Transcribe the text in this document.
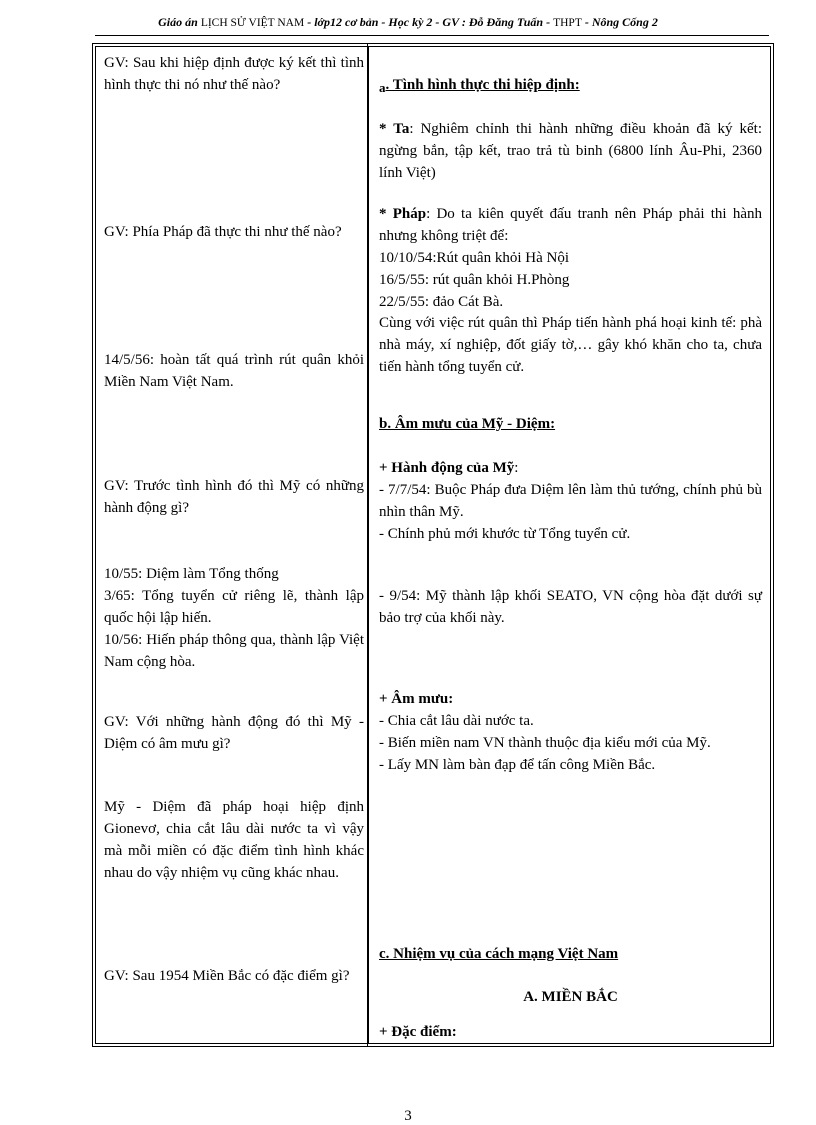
Giáo án LỊCH SỬ VIỆT NAM - lớp12 cơ bản - Học kỳ 2 - GV : Đỗ Đăng Tuấn - THPT - Nông Cống 2
GV: Sau khi hiệp định được ký kết thì tình hình thực thi nó như thế nào?
GV: Phía Pháp đã thực thi như thế nào?
14/5/56: hoàn tất quá trình rút quân khỏi Miền Nam Việt Nam.
GV: Trước tình hình đó thì Mỹ có những hành động gì?
10/55: Diệm làm Tổng thống
3/65: Tổng tuyển cử riêng lẽ, thành lập quốc hội lập hiến.
10/56: Hiến pháp thông qua, thành lập Việt Nam cộng hòa.
GV: Với những hành động đó thì Mỹ - Diệm có âm mưu gì?
Mỹ - Diệm đã pháp hoại hiệp định Gionevơ, chia cắt lâu dài nước ta vì vậy mà mỗi miền có đặc điểm tình hình khác nhau do vậy nhiệm vụ cũng khác nhau.
GV: Sau 1954 Miền Bắc có đặc điểm gì?
a. Tình hình thực thi hiệp định:
* Ta: Nghiêm chỉnh thi hành những điều khoản đã ký kết: ngừng bắn, tập kết, trao trả tù binh (6800 lính Âu-Phi, 2360 lính Việt)
* Pháp: Do ta kiên quyết đấu tranh nên Pháp phải thi hành nhưng không triệt để:
10/10/54:Rút quân khỏi Hà Nội
16/5/55: rút quân khỏi H.Phòng
22/5/55: đảo Cát Bà.
Cùng với việc rút quân thì Pháp tiến hành phá hoại kinh tế: phà nhà máy, xí nghiệp, đốt giấy tờ,… gây khó khăn cho ta, chưa tiến hành tổng tuyển cử.
b. Âm mưu của Mỹ - Diệm:
+ Hành động của Mỹ:
- 7/7/54: Buộc Pháp đưa Diệm lên làm thủ tướng, chính phủ bù nhìn thân Mỹ.
- Chính phủ mới khước từ Tổng tuyển cử.
- 9/54: Mỹ thành lập khối SEATO, VN cộng hòa đặt dưới sự bảo trợ của khối này.
+ Âm mưu:
- Chia cắt lâu dài nước ta.
- Biến miền nam VN thành thuộc địa kiểu mới của Mỹ.
- Lấy MN làm bàn đạp để tấn công Miền Bắc.
c. Nhiệm vụ của cách mạng Việt Nam
A. MIỀN BẮC
+ Đặc điểm:
3
